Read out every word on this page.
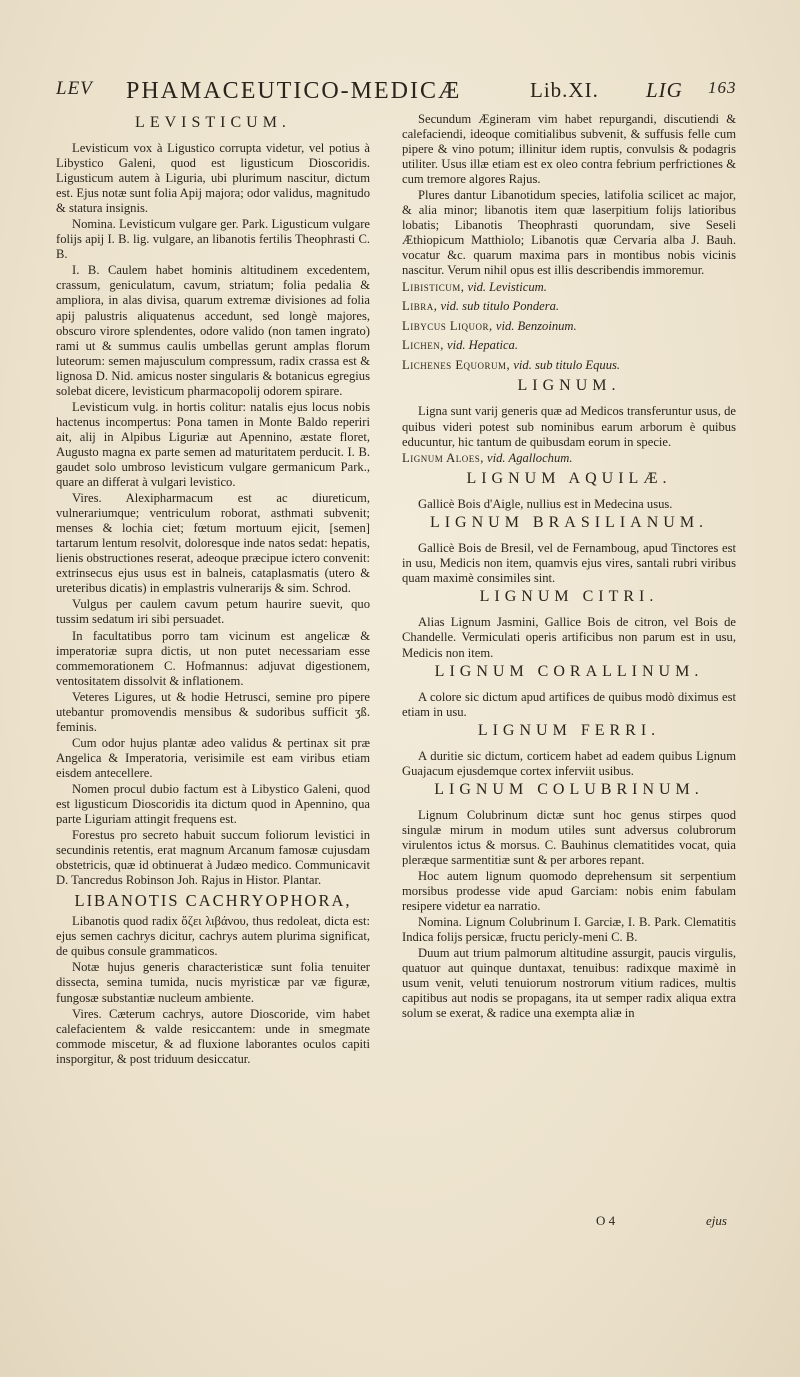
LEV PHAMACEUTICO-MEDICÆ	Lib.XI. LIG 163
LEVISTICUM.

Levisticum vox à Ligustico corrupta videtur, vel potius à Libystico Galeni, quod est ligusticum Dioscoridis. Ligusticum autem à Liguria, ubi plurimum nascitur, dictum est. Ejus notæ sunt folia Apij majora; odor validus, magnitudo & statura insignis.

Nomina. Levisticum vulgare ger. Park. Ligusticum vulgare folijs apij I. B. lig. vulgare, an libanotis fertilis Theophrasti C. B.

I. B. Caulem habet hominis altitudinem excedentem, crassum, geniculatum, cavum, striatum; folia pedalia & ampliora, in alas divisa, quarum extremæ divisiones ad folia apij palustris aliquatenus accedunt, sed longè majores, obscuro virore splendentes, odore valido (non tamen ingrato) rami ut & summus caulis umbellas gerunt amplas florum luteorum: semen majusculum compressum, radix crassa est & lignosa D. Nid. amicus noster singularis & botanicus egregius solebat dicere, levisticum pharmacopolij odorem spirare.

Levisticum vulg. in hortis colitur: natalis ejus locus nobis hactenus incompertus: Pona tamen in Monte Baldo reperiri ait, alij in Alpibus Liguriæ aut Apennino, æstate floret, Augusto magna ex parte semen ad maturitatem perducit. I. B. gaudet solo umbroso levisticum vulgare germanicum Park., quare an differat à vulgari levistico.

Vires. Alexipharmacum est ac diureticum, vulnerariumque; ventriculum roborat, asthmati subvenit; menses & lochia ciet; fœtum mortuum ejicit, [semen] tartarum lentum resolvit, doloresque inde natos sedat: hepatis, lienis obstructiones reserat, adeoque præcipue ictero convenit: extrinsecus ejus usus est in balneis, cataplasmatis (utero & ureteribus dicatis) in emplastris vulnerarijs & sim. Schrod.

Vulgus per caulem cavum petum haurire suevit, quo tussim sedatum iri sibi persuadet.

In facultatibus porro tam vicinum est angelicæ & imperatoriæ supra dictis, ut non putet necessariam esse commemorationem C. Hofmannus: adjuvat digestionem, ventositatem dissolvit & inflationem.

Veteres Ligures, ut & hodie Hetrusci, semine pro pipere utebantur promovendis mensibus & sudoribus sufficit ʒß. feminis.

Cum odor hujus plantæ adeo validus & pertinax sit præ Angelica & Imperatoria, verisimile est eam viribus etiam eisdem antecellere.

Nomen procul dubio factum est à Libystico Galeni, quod est ligusticum Dioscoridis ita dictum quod in Apennino, qua parte Liguriam attingit frequens est.

Forestus pro secreto habuit succum foliorum levistici in secundinis retentis, erat magnum Arcanum famosæ cujusdam obstetricis, quæ id obtinuerat à Judæo medico. Communicavit D. Tancredus Robinson Joh. Rajus in Histor. Plantar.

LIBANOTIS CACHRYOPHORA,

Libanotis quod radix ὄζει λιβάνου, thus redoleat, dicta est: ejus semen cachrys dicitur, cachrys autem plurima significat, de quibus consule grammaticos.

Notæ hujus generis characteristicæ sunt folia tenuiter dissecta, semina tumida, nucis myristicæ par væ figuræ, fungosæ substantiæ nucleum ambiente.

Vires. Cæterum cachrys, autore Dioscoride, vim habet calefacientem & valde resiccantem: unde in smegmate commode miscetur, & ad fluxione laborantes oculos capiti insporgitur, & post triduum desiccatur.

Secundum Ægineram vim habet repurgandi, discutiendi & calefaciendi, ideoque comitialibus subvenit, & suffusis felle cum pipere & vino potum; illinitur idem ruptis, convulsis & podagris utiliter. Usus illæ etiam est ex oleo contra febrium perfrictiones & cum tremore algores Rajus.

Plures dantur Libanotidum species, latifolia scilicet ac major, & alia minor; libanotis item quæ laserpitium folijs latioribus lobatis; Libanotis Theophrasti quorundam, sive Seseli Æthiopicum Matthiolo; Libanotis quæ Cervaria alba J. Bauh. vocatur &c. quarum maxima pars in montibus nobis vicinis nascitur. Verum nihil opus est illis describendis immoremur.

Libisticum, vid. Levisticum.
Libra, vid. sub titulo Pondera.
Libycus Liquor, vid. Benzoinum.
Lichen, vid. Hepatica.
Lichenes Equorum, vid. sub titulo Equus.
LIGNUM.

Ligna sunt varij generis quæ ad Medicos transferuntur usus, de quibus videri potest sub nominibus earum arborum è quibus educuntur, hic tantum de quibusdam eorum in specie.

Lignum Aloes, vid. Agallochum.
LIGNUM AQUILÆ.

Gallicè Bois d'Aigle, nullius est in Medecina usus.

LIGNUM BRASILIANUM.

Gallicè Bois de Bresil, vel de Fernamboug, apud Tinctores est in usu, Medicis non item, quamvis ejus vires, santali rubri viribus quam maximè consimiles sint.

LIGNUM CITRI.

Alias Lignum Jasmini, Gallice Bois de citron, vel Bois de Chandelle. Vermiculati operis artificibus non parum est in usu, Medicis non item.

LIGNUM CORALLINUM.

A colore sic dictum apud artifices de quibus modò diximus est etiam in usu.

LIGNUM FERRI.

A duritie sic dictum, corticem habet ad eadem quibus Lignum Guajacum ejusdemque cortex inferviit usibus.

LIGNUM COLUBRINUM.

Lignum Colubrinum dictæ sunt hoc genus stirpes quod singulæ mirum in modum utiles sunt adversus colubrorum virulentos ictus & morsus. C. Bauhinus clematitides vocat, quia pleræque sarmentitiæ sunt & per arbores repant.

Hoc autem lignum quomodo deprehensum sit serpentium morsibus prodesse vide apud Garciam: nobis enim fabulam resipere videtur ea narratio.

Nomina. Lignum Colubrinum I. Garciæ, I. B. Park. Clematitis Indica folijs persicæ, fructu pericly-meni C. B.

Duum aut trium palmorum altitudine assurgit, paucis virgulis, quatuor aut quinque duntaxat, tenuibus: radixque maximè in usum venit, veluti tenuiorum nostrorum vitium radices, multis capitibus aut nodis se propagans, ita ut semper radix aliqua extra solum se exerat, & radice una exempta aliæ in

O 4	ejus
